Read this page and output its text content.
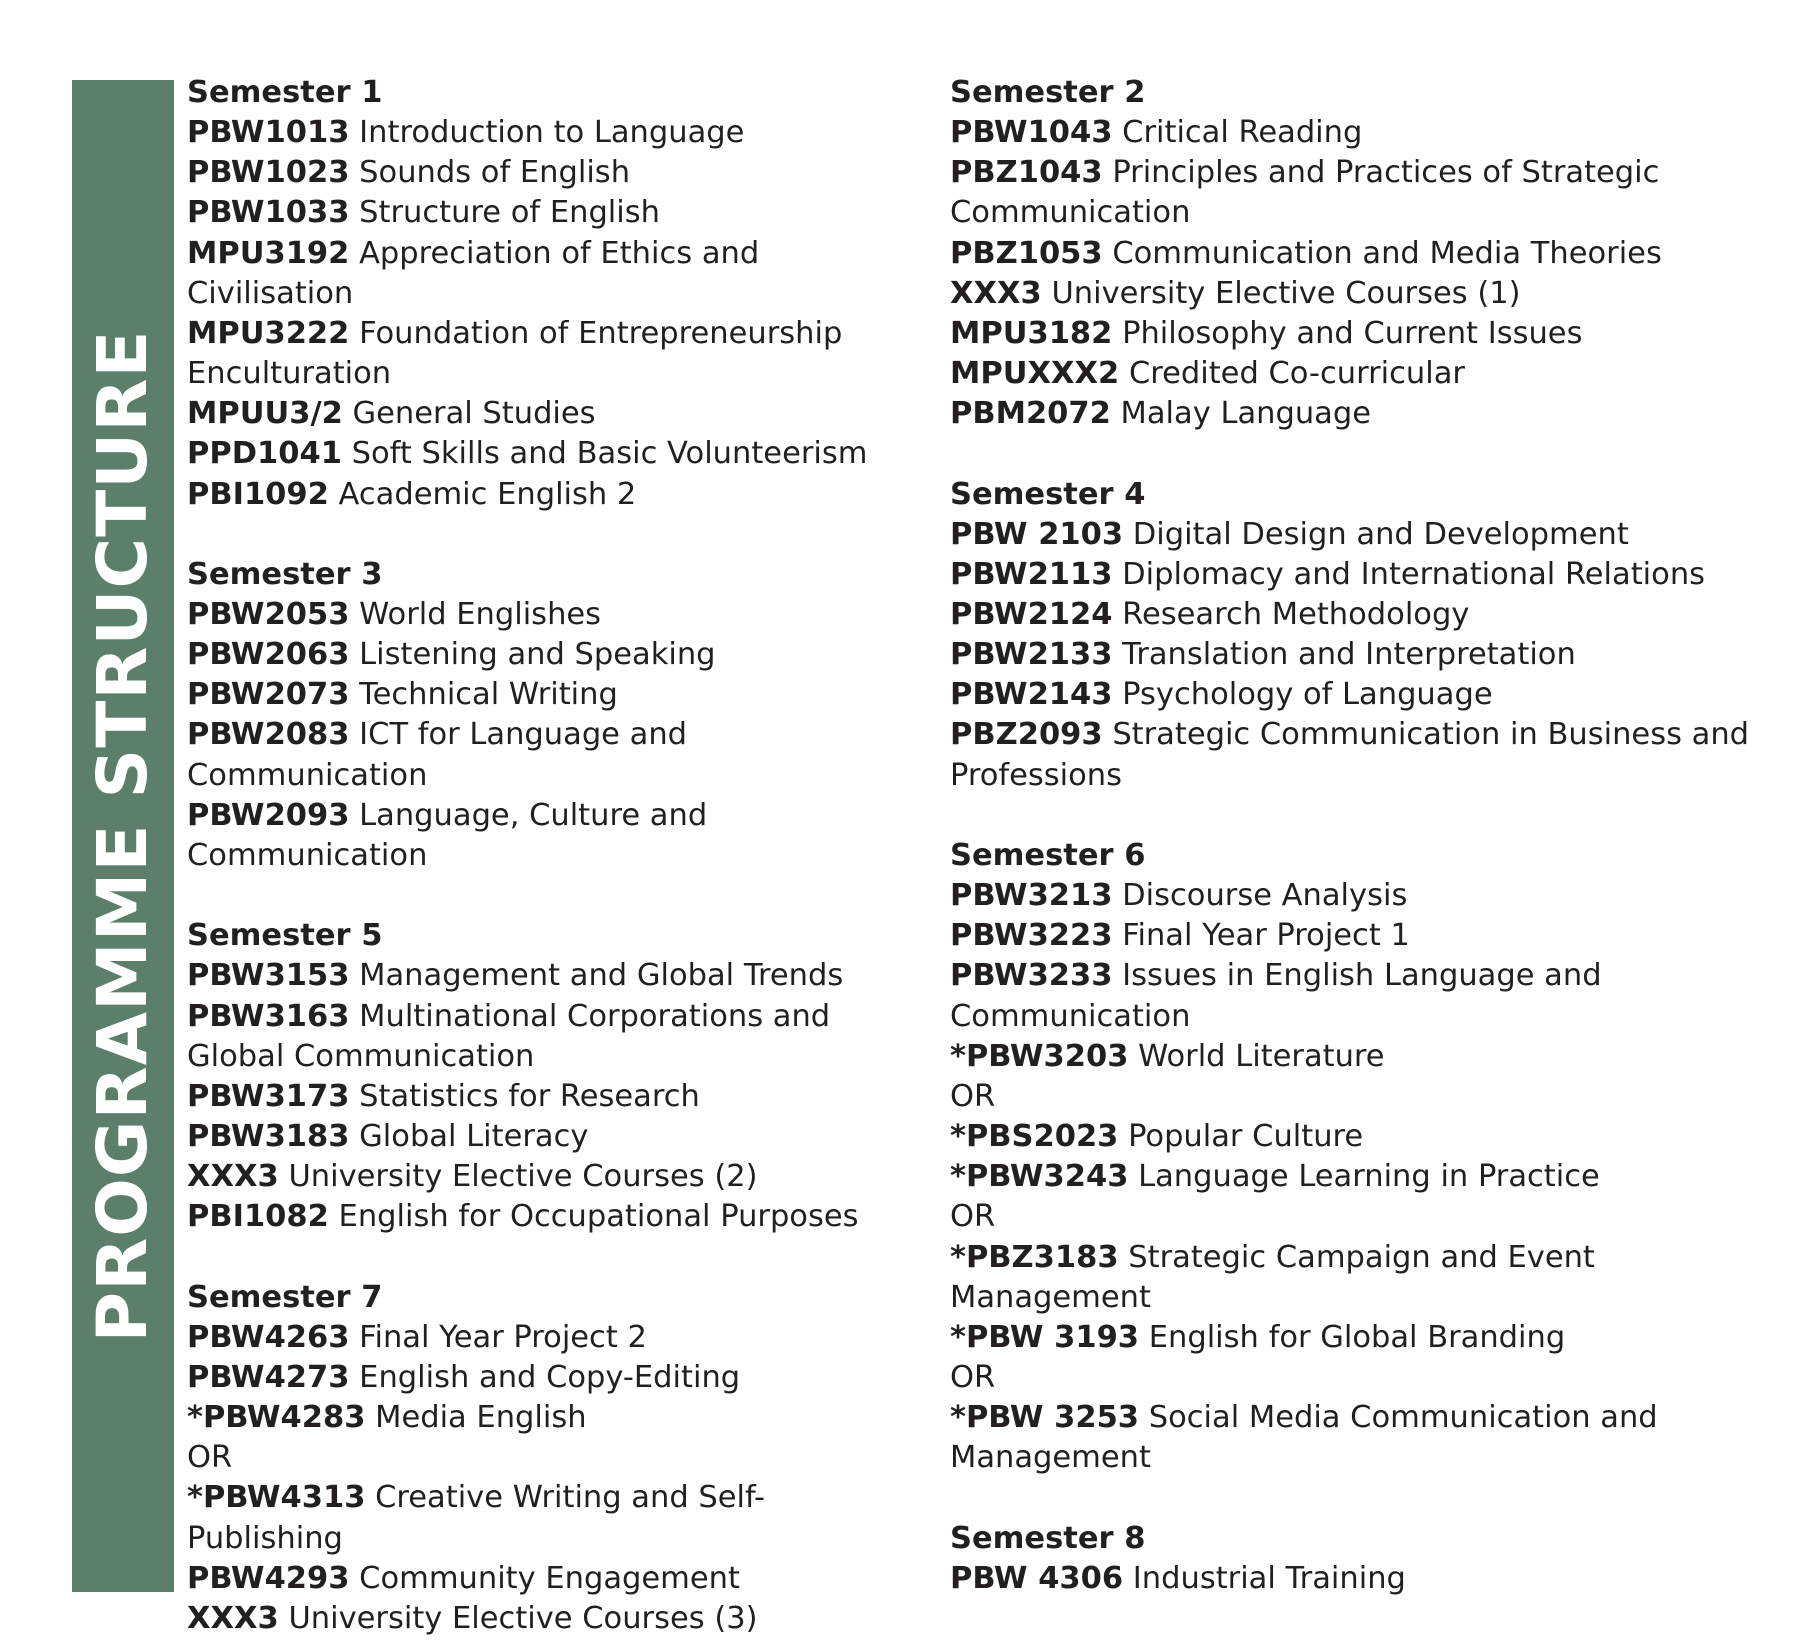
PROGRAMME STRUCTURE
Semester 1
PBW1013 Introduction to Language
PBW1023 Sounds of English
PBW1033 Structure of English
MPU3192 Appreciation of Ethics and Civilisation
MPU3222 Foundation of Entrepreneurship Enculturation
MPUU3/2 General Studies
PPD1041 Soft Skills and Basic Volunteerism
PBI1092 Academic English 2
Semester 3
PBW2053 World Englishes
PBW2063 Listening and Speaking
PBW2073 Technical Writing
PBW2083 ICT for Language and Communication
PBW2093 Language, Culture and Communication
Semester 5
PBW3153 Management and Global Trends
PBW3163 Multinational Corporations and Global Communication
PBW3173 Statistics for Research
PBW3183 Global Literacy
XXX3 University Elective Courses (2)
PBI1082 English for Occupational Purposes
Semester 7
PBW4263 Final Year Project 2
PBW4273 English and Copy-Editing
*PBW4283 Media English
OR
*PBW4313 Creative Writing and Self-Publishing
PBW4293 Community Engagement
XXX3 University Elective Courses (3)
Semester 2
PBW1043 Critical Reading
PBZ1043 Principles and Practices of Strategic Communication
PBZ1053 Communication and Media Theories
XXX3 University Elective Courses (1)
MPU3182 Philosophy and Current Issues
MPUXXX2 Credited Co-curricular
PBM2072 Malay Language
Semester 4
PBW 2103 Digital Design and Development
PBW2113 Diplomacy and International Relations
PBW2124 Research Methodology
PBW2133 Translation and Interpretation
PBW2143 Psychology of Language
PBZ2093 Strategic Communication in Business and Professions
Semester 6
PBW3213 Discourse Analysis
PBW3223 Final Year Project 1
PBW3233 Issues in English Language and Communication
*PBW3203 World Literature
OR
*PBS2023 Popular Culture
*PBW3243 Language Learning in Practice
OR
*PBZ3183 Strategic Campaign and Event Management
*PBW 3193 English for Global Branding
OR
*PBW 3253 Social Media Communication and Management
Semester 8
PBW 4306 Industrial Training
